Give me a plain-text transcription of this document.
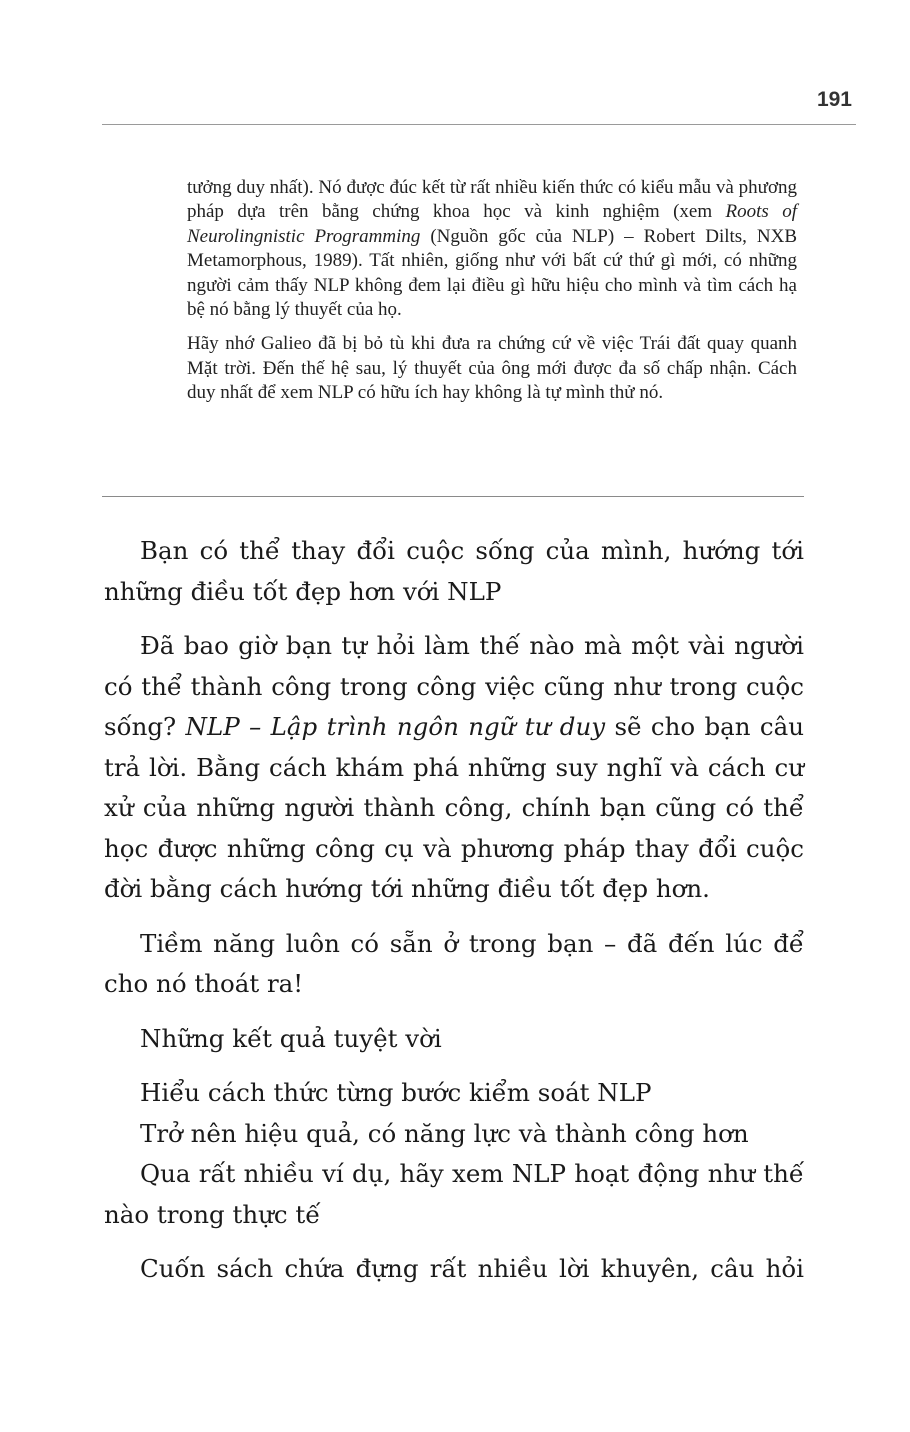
191

tưởng duy nhất). Nó được đúc kết từ rất nhiều kiến thức có kiểu mẫu và phương pháp dựa trên bằng chứng khoa học và kinh nghiệm (xem Roots of Neurolingnistic Programming (Nguồn gốc của NLP) – Robert Dilts, NXB Metamorphous, 1989). Tất nhiên, giống như với bất cứ thứ gì mới, có những người cảm thấy NLP không đem lại điều gì hữu hiệu cho mình và tìm cách hạ bệ nó bằng lý thuyết của họ.

Hãy nhớ Galieo đã bị bỏ tù khi đưa ra chứng cứ về việc Trái đất quay quanh Mặt trời. Đến thế hệ sau, lý thuyết của ông mới được đa số chấp nhận. Cách duy nhất để xem NLP có hữu ích hay không là tự mình thử nó.

Bạn có thể thay đổi cuộc sống của mình, hướng tới những điều tốt đẹp hơn với NLP

Đã bao giờ bạn tự hỏi làm thế nào mà một vài người có thể thành công trong công việc cũng như trong cuộc sống? NLP – Lập trình ngôn ngữ tư duy sẽ cho bạn câu trả lời. Bằng cách khám phá những suy nghĩ và cách cư xử của những người thành công, chính bạn cũng có thể học được những công cụ và phương pháp thay đổi cuộc đời bằng cách hướng tới những điều tốt đẹp hơn.

Tiềm năng luôn có sẵn ở trong bạn – đã đến lúc để cho nó thoát ra!

Những kết quả tuyệt vời

Hiểu cách thức từng bước kiểm soát NLP

Trở nên hiệu quả, có năng lực và thành công hơn

Qua rất nhiều ví dụ, hãy xem NLP hoạt động như thế nào trong thực tế

Cuốn sách chứa đựng rất nhiều lời khuyên, câu hỏi
